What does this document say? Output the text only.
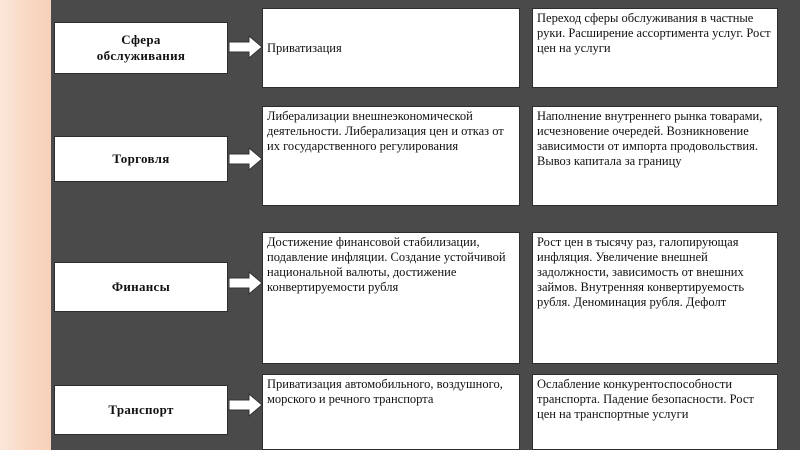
Сфера обслуживания	Приватизация
Переход сферы обслуживания в частные руки. Расширение ассортимента услуг. Рост цен на услуги
Торговля
Либерализации внешнеэкономической деятельности. Либерализация цен и отказ от их государственного регулирования
Наполнение внутреннего рынка товарами, исчезновение очередей. Возникновение зависимости от импорта продовольствия. Вывоз капитала за границу
Финансы
Достижение финансовой стабилизации, подавление инфляции. Создание устойчивой национальной валюты, достижение конвертируемости рубля
Рост цен в тысячу раз, галопирующая инфляция. Увеличение внешней задолжности, зависимость от внешних займов. Внутренняя конвертируемость рубля. Деноминация рубля. Дефолт
Транспорт
Приватизация автомобильного, воздушного, морского и речного транспорта
Ослабление конкурентоспособности транспорта. Падение безопасности. Рост цен на транспортные услуги
